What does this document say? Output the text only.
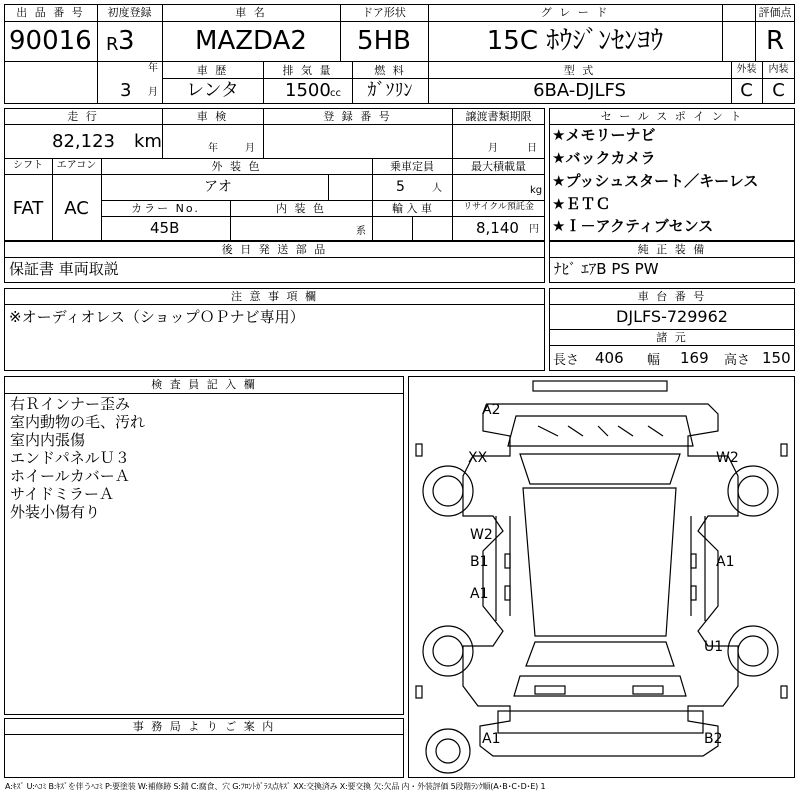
出 品 番 号
90016
初度登録
R 3
年
3 月
車 名
MAZDA2
ドア形状
5HB
グ レ ー ド
15C ﾎｳｼﾞﾝｾﾝﾖｳ
評価点
R
車 歴
レンタ
排 気 量
1500 cc
燃 料
ｶﾞｿﾘﾝ
型 式
6BA-DJLFS
外装	内装
C	C
走 行
82,123 km
車 検
年	月
登 録 番 号	譲渡書類期限
月	日
シフト
FAT
エアコン
AC
外 装 色
アオ
乗車定員
5	人
最大積載量
kg
カラー No.
45B
内 装 色
系
輸 入 車	リサイクル預託金
8,140 円
セ ー ル ス ポ イ ン ト
★メモリーナビ
★バックカメラ
★プッシュスタート／キーレス
★ＥＴＣ
★Ｉ－アクティブセンス
後 日 発 送 部 品
保証書 車両取説
純 正 装 備
ﾅﾋﾞ ｴｱB PS PW
注 意 事 項 欄
※オーディオレス（ショップＯＰナビ専用）
車 台 番 号
DJLFS-729962
諸 元
長さ 406 幅 169 高さ 150
検 査 員 記 入 欄
右Ｒインナー歪み
室内動物の毛、汚れ
室内内張傷
エンドパネルＵ３
ホイールカバーＡ
サイドミラーＡ
外装小傷有り
事 務 局 よ り ご 案 内
A2
XX	W2
W2
B1	A1
A1
U1
A1	B2
A:ｷｽﾞ U:ﾍｺﾐ B:ｷｽﾞを伴うﾍｺﾐ P:要塗装 W:補修跡 S:錆 C:腐食、穴 G:ﾌﾛﾝﾄｶﾞﾗｽ点ｷｽﾞ XX:交換済み X:要交換 欠:欠品 内・外装評価 5段階ﾗﾝｸ順(A･B･C･D･E) 1
